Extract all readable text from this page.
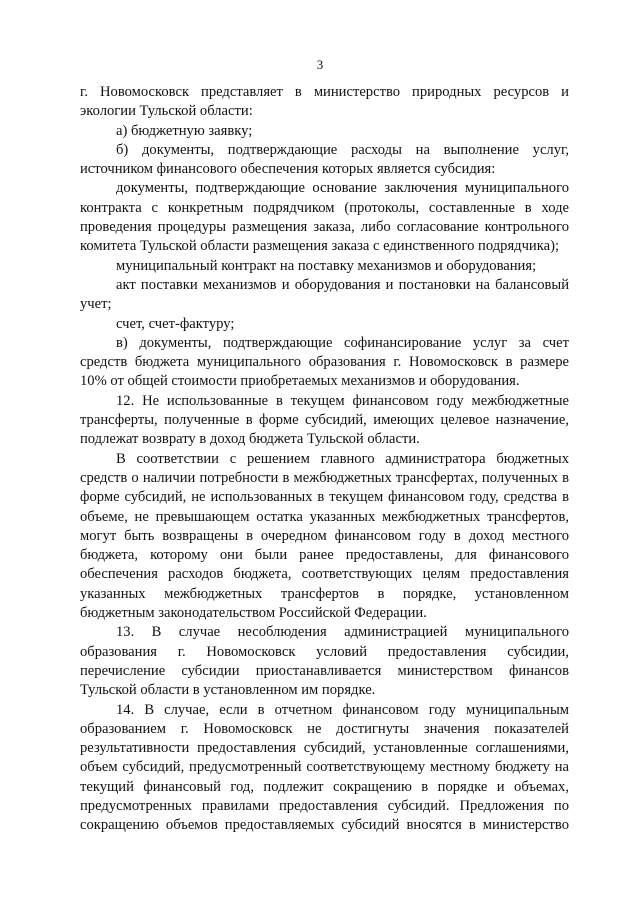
3

г. Новомосковск представляет в министерство природных ресурсов и экологии Тульской области:

а) бюджетную заявку;

б) документы, подтверждающие расходы на выполнение услуг, источником финансового обеспечения которых является субсидия:

документы, подтверждающие основание заключения муниципального контракта с конкретным подрядчиком (протоколы, составленные в ходе проведения процедуры размещения заказа, либо согласование контрольного комитета Тульской области размещения заказа с единственного подрядчика);

муниципальный контракт на поставку механизмов и оборудования;

акт поставки механизмов и оборудования и постановки на балансовый учет;

счет, счет-фактуру;

в) документы, подтверждающие софинансирование услуг за счет средств бюджета муниципального образования г. Новомосковск в размере 10% от общей стоимости приобретаемых механизмов и оборудования.

12. Не использованные в текущем финансовом году межбюджетные трансферты, полученные в форме субсидий, имеющих целевое назначение, подлежат возврату в доход бюджета Тульской области.

В соответствии с решением главного администратора бюджетных средств о наличии потребности в межбюджетных трансфертах, полученных в форме субсидий, не использованных в текущем финансовом году, средства в объеме, не превышающем остатка указанных межбюджетных трансфертов, могут быть возвращены в очередном финансовом году в доход местного бюджета, которому они были ранее предоставлены, для финансового обеспечения расходов бюджета, соответствующих целям предоставления указанных межбюджетных трансфертов в порядке, установленном бюджетным законодательством Российской Федерации.

13. В случае несоблюдения администрацией муниципального образования г. Новомосковск условий предоставления субсидии, перечисление субсидии приостанавливается министерством финансов Тульской области в установленном им порядке.

14. В случае, если в отчетном финансовом году муниципальным образованием г. Новомосковск не достигнуты значения показателей результативности предоставления субсидий, установленные соглашениями, объем субсидий, предусмотренный соответствующему местному бюджету на текущий финансовый год, подлежит сокращению в порядке и объемах, предусмотренных правилами предоставления субсидий. Предложения по сокращению объемов предоставляемых субсидий вносятся в министерство
